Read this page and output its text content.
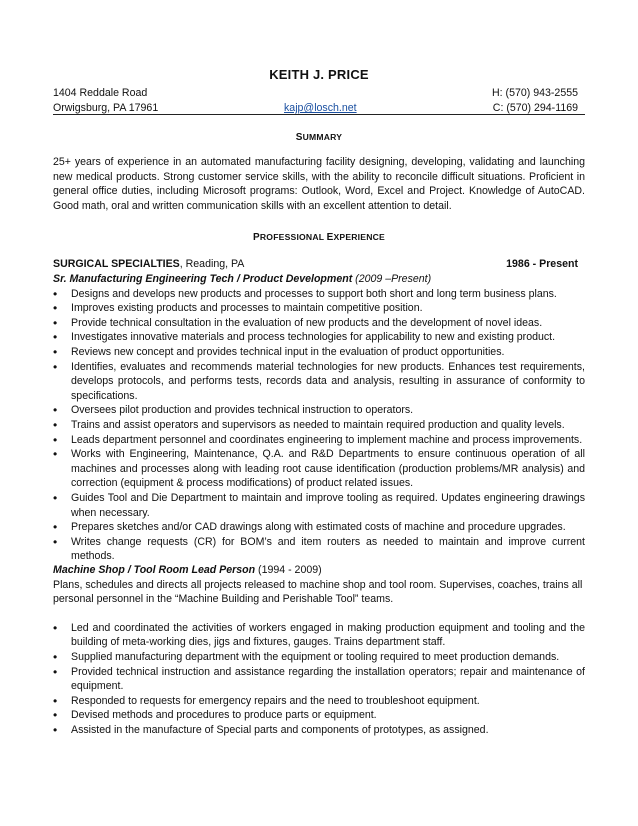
KEITH J. PRICE
1404 Reddale Road	H: (570) 943-2555
Orwigsburg, PA 17961	kajp@losch.net	C: (570) 294-1169
SUMMARY
25+ years of experience in an automated manufacturing facility designing, developing, validating and launching new medical products. Strong customer service skills, with the ability to reconcile difficult situations. Proficient in general office duties, including Microsoft programs: Outlook, Word, Excel and Project. Knowledge of AutoCAD. Good math, oral and written communication skills with an excellent attention to detail.
PROFESSIONAL EXPERIENCE
SURGICAL SPECIALTIES, Reading, PA	1986 - Present
Sr. Manufacturing Engineering Tech / Product Development (2009 –Present)
• Designs and develops new products and processes to support both short and long term business plans.
• Improves existing products and processes to maintain competitive position.
• Provide technical consultation in the evaluation of new products and the development of novel ideas.
• Investigates innovative materials and process technologies for applicability to new and existing product.
• Reviews new concept and provides technical input in the evaluation of product opportunities.
• Identifies, evaluates and recommends material technologies for new products. Enhances test requirements, develops protocols, and performs tests, records data and analysis, resulting in assurance of conformity to specifications.
• Oversees pilot production and provides technical instruction to operators.
• Trains and assist operators and supervisors as needed to maintain required production and quality levels.
• Leads department personnel and coordinates engineering to implement machine and process improvements.
• Works with Engineering, Maintenance, Q.A. and R&D Departments to ensure continuous operation of all machines and processes along with leading root cause identification (production problems/MR analysis) and correction (equipment & process modifications) of product related issues.
• Guides Tool and Die Department to maintain and improve tooling as required. Updates engineering drawings when necessary.
• Prepares sketches and/or CAD drawings along with estimated costs of machine and procedure upgrades.
• Writes change requests (CR) for BOM’s and item routers as needed to maintain and improve current methods.
Machine Shop / Tool Room Lead Person (1994 - 2009)
Plans, schedules and directs all projects released to machine shop and tool room. Supervises, coaches, trains all personal personnel in the “Machine Building and Perishable Tool” teams.
• Led and coordinated the activities of workers engaged in making production equipment and tooling and the building of meta-working dies, jigs and fixtures, gauges. Trains department staff.
• Supplied manufacturing department with the equipment or tooling required to meet production demands.
• Provided technical instruction and assistance regarding the installation operators; repair and maintenance of equipment.
• Responded to requests for emergency repairs and the need to troubleshoot equipment.
• Devised methods and procedures to produce parts or equipment.
• Assisted in the manufacture of Special parts and components of prototypes, as assigned.
